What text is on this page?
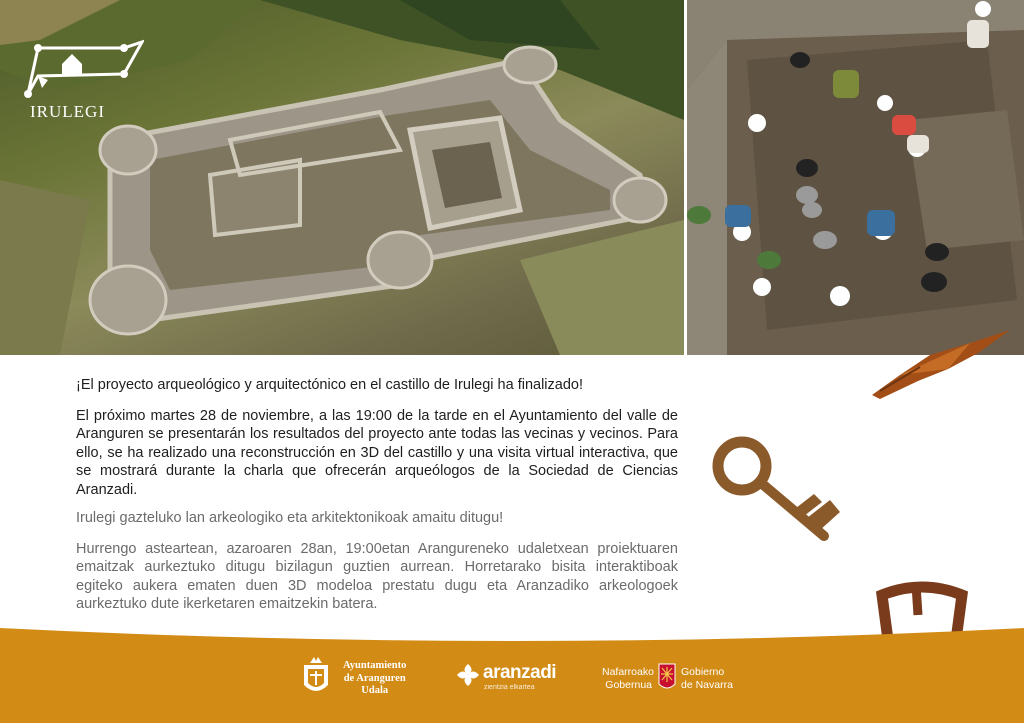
IRULEGI

¡El proyecto arqueológico y arquitectónico en el castillo de Irulegi ha finalizado!

El próximo martes 28 de noviembre, a las 19:00 de la tarde en el Ayuntamiento del valle de Aranguren se presentarán los resultados del proyecto ante todas las vecinas y vecinos. Para ello, se ha realizado una reconstrucción en 3D del castillo y una visita virtual interactiva, que se mostrará durante la charla que ofrecerán arqueólogos de la Sociedad de Ciencias Aranzadi.

Irulegi gazteluko lan arkeologiko eta arkitektonikoak amaitu ditugu!

Hurrengo asteartean, azaroaren 28an, 19:00etan Arangureneko udaletxean proiektuaren emaitzak aurkeztuko ditugu bizilagun guztien aurrean. Horretarako bisita interaktiboak egiteko aukera ematen duen 3D modeloa prestatu dugu eta Aranzadiko arkeologoek aurkeztuko dute ikerketaren emaitzekin batera.

Ayuntamiento
de Aranguren
Udala
aranzadi
zientzia elkartea
Nafarroako
Gobernua
Gobierno
de Navarra
